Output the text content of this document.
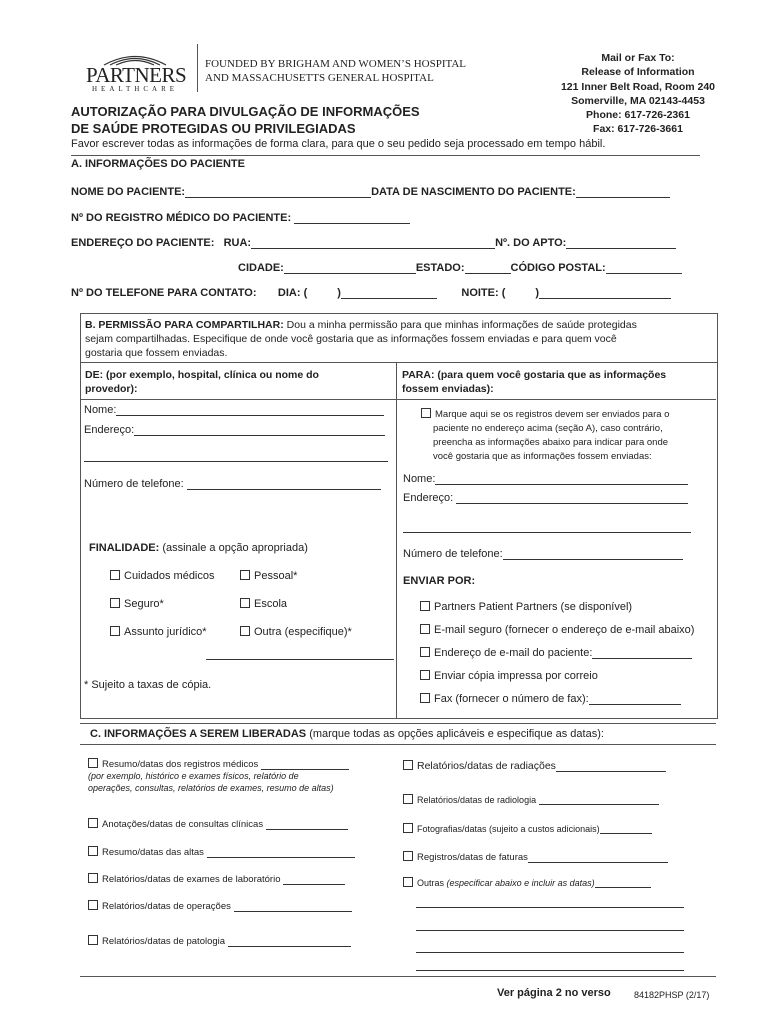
PARTNERS
HEALTHCARE
FOUNDED BY BRIGHAM AND WOMEN’S HOSPITAL
AND MASSACHUSETTS GENERAL HOSPITAL
Mail or Fax To:
Release of Information
121 Inner Belt Road, Room 240
Somerville, MA 02143-4453
Phone: 617-726-2361
Fax: 617-726-3661
AUTORIZAÇÃO PARA DIVULGAÇÃO DE INFORMAÇÕES
DE SAÚDE PROTEGIDAS OU PRIVILEGIADAS
Favor escrever todas as informações de forma clara, para que o seu pedido seja processado em tempo hábil.
A. INFORMAÇÕES DO PACIENTE
NOME DO PACIENTE:	DATA DE NASCIMENTO DO PACIENTE:
Nº DO REGISTRO MÉDICO DO PACIENTE:
ENDEREÇO DO PACIENTE: RUA:	Nº. DO APTO:
CIDADE:	ESTADO:	CÓDIGO POSTAL:
Nº DO TELEFONE PARA CONTATO: DIA: (	)	NOITE: (	)
B. PERMISSÃO PARA COMPARTILHAR: Dou a minha permissão para que minhas informações de saúde protegidas
sejam compartilhadas. Especifique de onde você gostaria que as informações fossem enviadas e para quem você
gostaria que fossem enviadas.
DE: (por exemplo, hospital, clínica ou nome do
provedor):
Nome:
Endereço:
Número de telefone:
FINALIDADE: (assinale a opção apropriada)
Cuidados médicos	Pessoal*
Seguro*	Escola
Assunto jurídico*	Outra (especifique)*
* Sujeito a taxas de cópia.
PARA: (para quem você gostaria que as informações
fossem enviadas):
Marque aqui se os registros devem ser enviados para o
paciente no endereço acima (seção A), caso contrário,
preencha as informações abaixo para indicar para onde
você gostaria que as informações fossem enviadas:
Nome:
Endereço:
Número de telefone:
ENVIAR POR:
Partners Patient Partners (se disponível)
E-mail seguro (fornecer o endereço de e-mail abaixo)
Endereço de e-mail do paciente:
Enviar cópia impressa por correio
Fax (fornecer o número de fax):
C. INFORMAÇÕES A SEREM LIBERADAS (marque todas as opções aplicáveis e especifique as datas):
Resumo/datas dos registros médicos
(por exemplo, histórico e exames físicos, relatório de
operações, consultas, relatórios de exames, resumo de altas)
Anotações/datas de consultas clínicas
Resumo/datas das altas
Relatórios/datas de exames de laboratório
Relatórios/datas de operações
Relatórios/datas de patologia
Relatórios/datas de radiações
Relatórios/datas de radiologia
Fotografias/datas (sujeito a custos adicionais)
Registros/datas de faturas
Outras (especificar abaixo e incluir as datas)
Ver página 2 no verso	84182PHSP (2/17)
